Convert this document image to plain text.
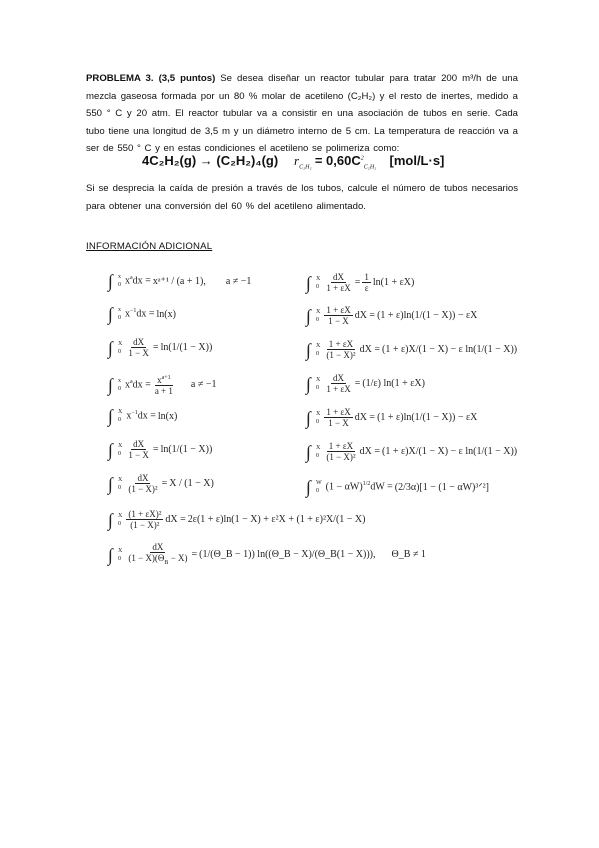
PROBLEMA 3. (3,5 puntos) Se desea diseñar un reactor tubular para tratar 200 m³/h de una mezcla gaseosa formada por un 80 % molar de acetileno (C₂H₂) y el resto de inertes, medido a 550 ° C y 20 atm. El reactor tubular va a consistir en una asociación de tubos en serie. Cada tubo tiene una longitud de 3,5 m y un diámetro interno de 5 cm. La temperatura de reacción va a ser de 550 ° C y en estas condiciones el acetileno se polimeriza como:
4C₂H₂(g) → (C₂H₂)₄(g) $r_{C_2H_2} = 0,60C^2_{C_2H_2}$ [mol/L·s]
Si se desprecia la caída de presión a través de los tubos, calcule el número de tubos necesarios para obtener una conversión del 60 % del acetileno alimentado.
INFORMACIÓN ADICIONAL
∫ x
0 $x^adx$ = xᵃ⁺¹ / (a + 1), a ≠ −1
∫ x
0 $x^{-1}dx = \ln(x)$
∫ X
$0 \frac{dX}{1 - X} = \ln(1/(1 - X))$
∫ x
0 $x^adx = \frac{x^{a+1}}{a + 1}$ a ≠ −1
∫ X
0 $x^{-1}dx = \ln(x)$
∫ X
$0 \frac{dX}{1 - X} = \ln(1/(1 - X))$
∫ X
$0 \frac{dX}{\text{(1 − X)²}} = X / (1 - X)$
∫ X
$0 \frac{\text{(1 + εX)²}}{\text{(1 − X)²}}$ dX = 2ε(1 + ε)ln(1 − X) + ε²X + (1 + ε)²X/(1 − X)
∫ X
$0 \frac{dX}{(1 - X)(\Theta_B - X)}$ = (1/(Θ_B − 1)) ln((Θ_B − X)/(Θ_B(1 − X))), Θ_B ≠ 1
∫ X
$0 \frac{dX}{1 + \varepsilon X} = \frac{1}{\varepsilon} \ln(1 + \varepsilon X)$
∫ X
$0 \frac{1 + \varepsilon X}{1 - X}$ dX = (1 + ε)ln(1/(1 − X)) − εX
∫ X
$0 \frac{1 + \varepsilon X}{\text{(1 − X)²}}$ dX = (1 + ε)X/(1 − X) − ε ln(1/(1 − X))
∫ X
$0 \frac{dX}{1 + \varepsilon X} = (1/\varepsilon) \ln(1 + \varepsilon X)$
∫ X
$0 \frac{1 + \varepsilon X}{1 - X}$ dX = (1 + ε)ln(1/(1 − X)) − εX
∫ X
$0 \frac{1 + \varepsilon X}{\text{(1 − X)²}}$ dX = (1 + ε)X/(1 − X) − ε ln(1/(1 − X))
∫ W
0 $(1 - \alpha W)^{1/2}dW = (2/3\alpha)[1 - (1$ − αW)³ᐟ²]
